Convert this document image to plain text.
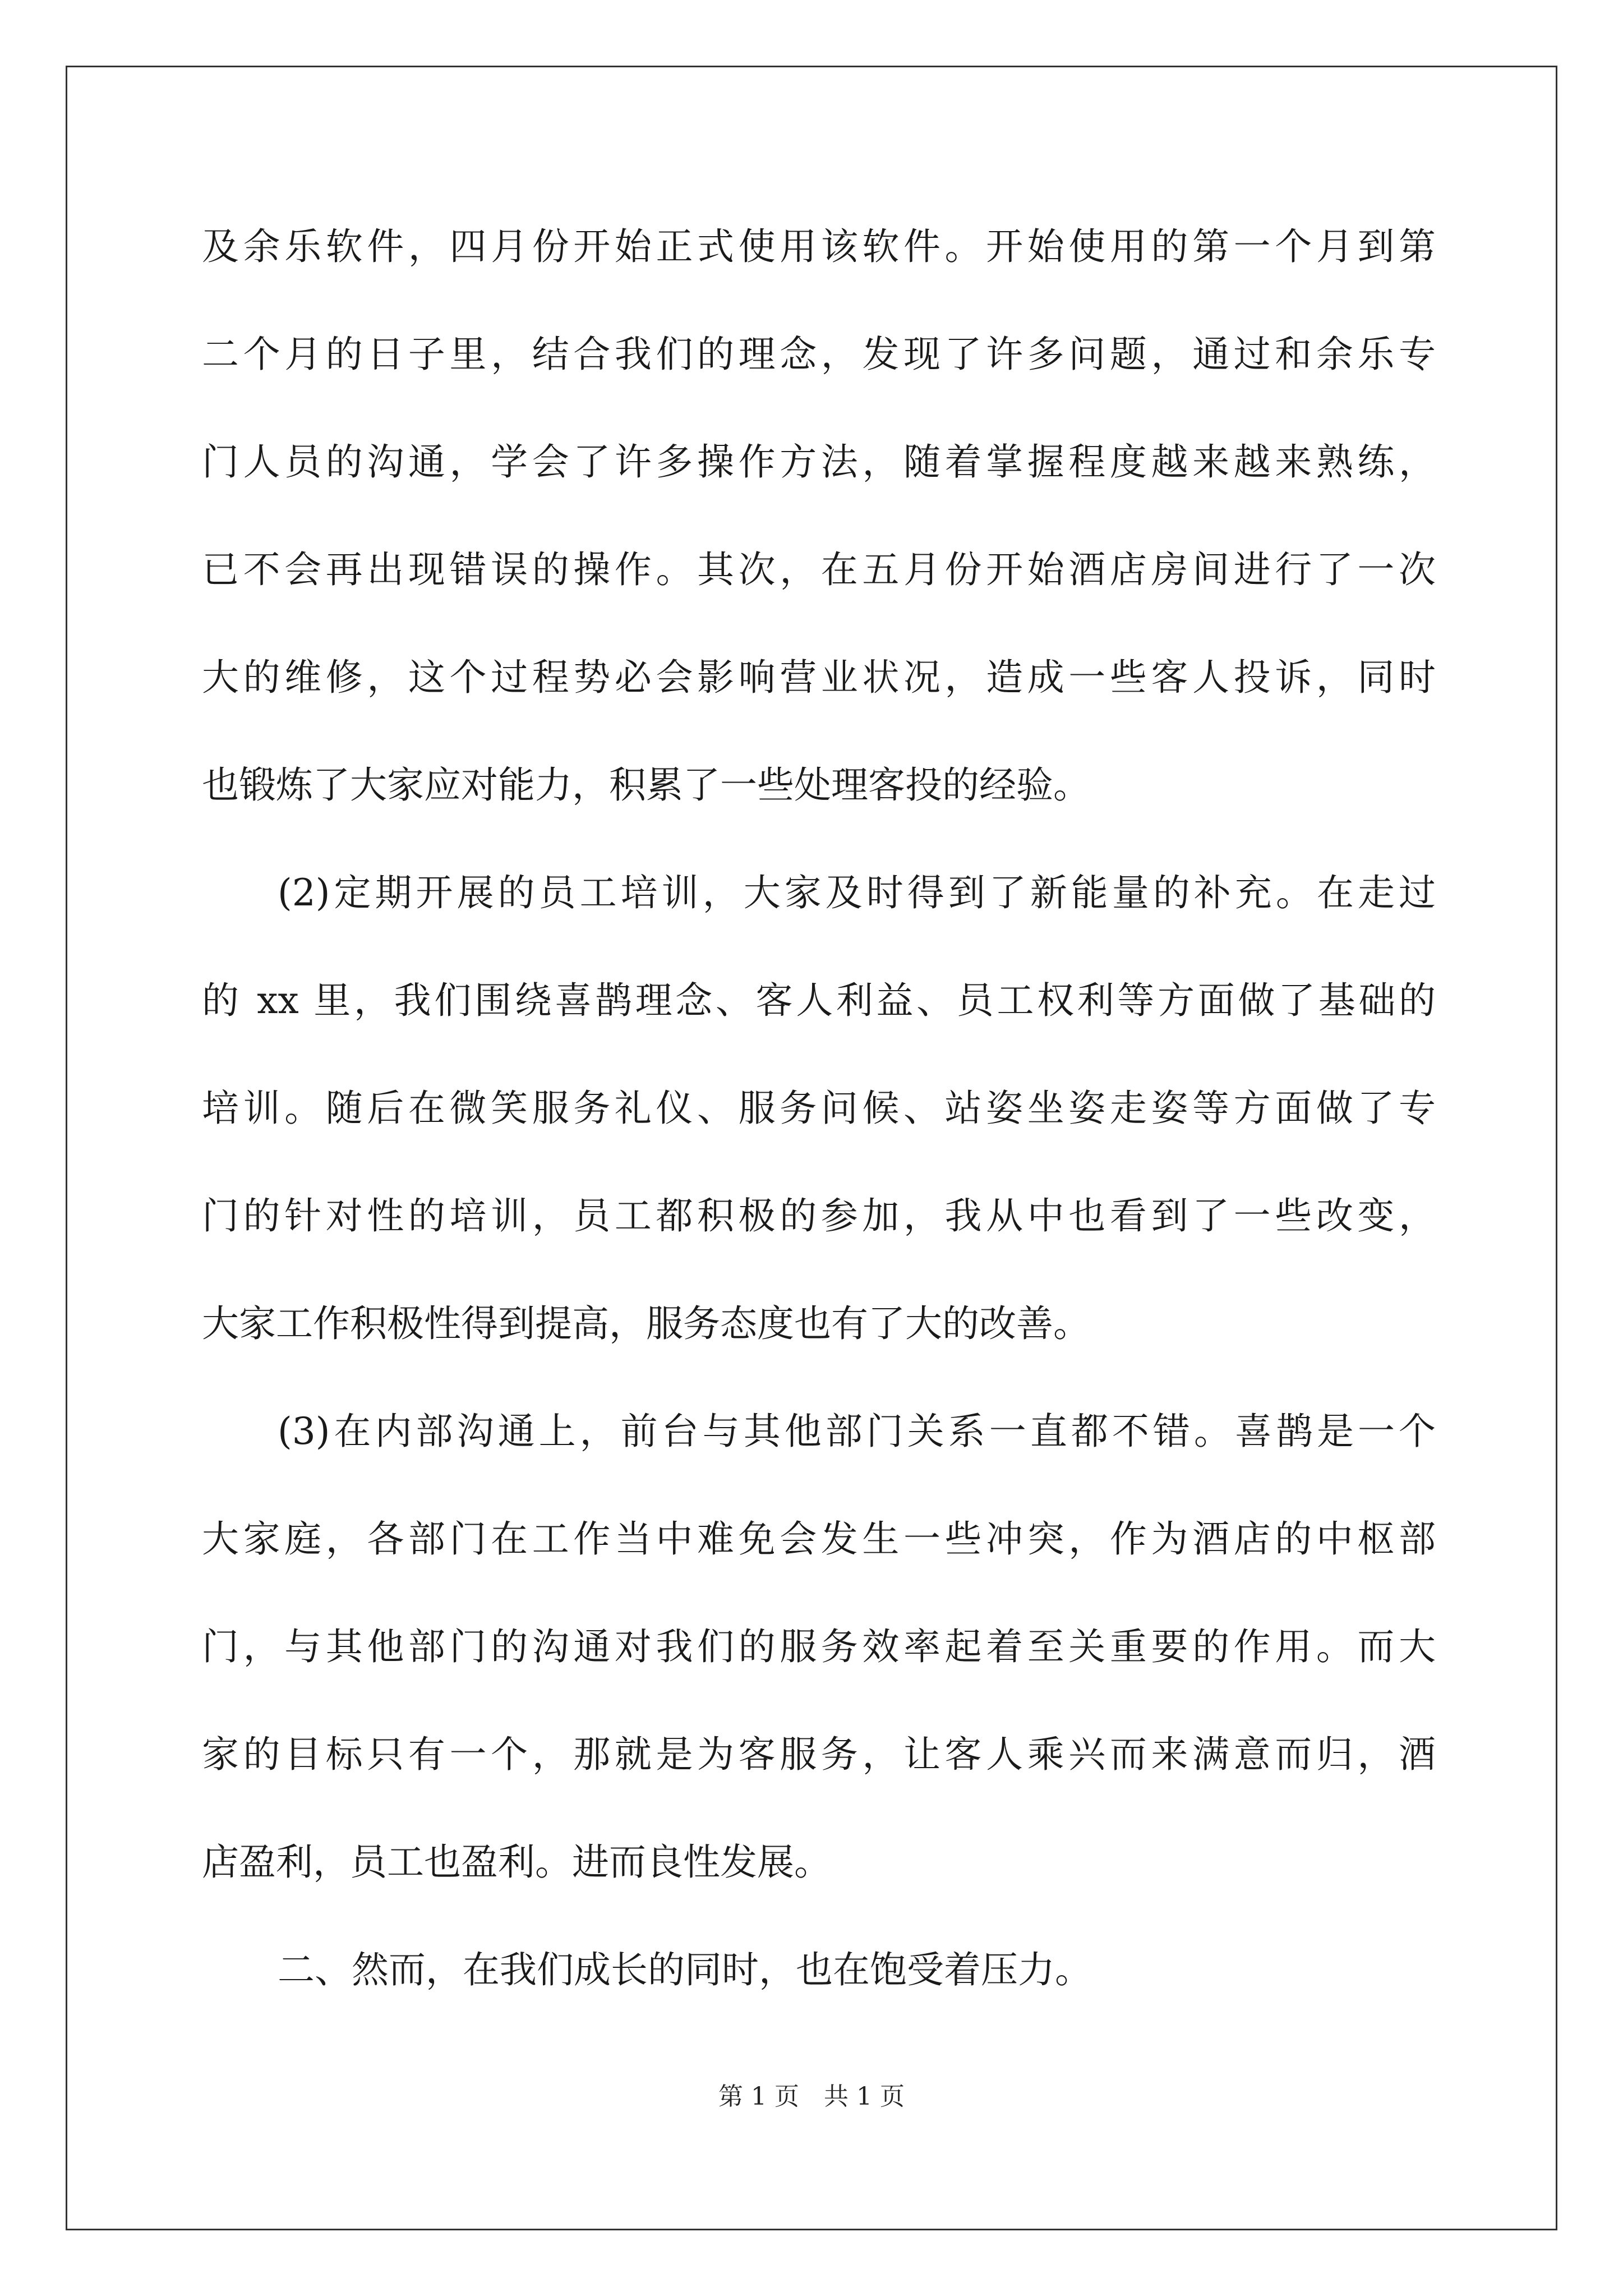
及余乐软件，四月份开始正式使用该软件。开始使用的第一个月到第
二个月的日子里，结合我们的理念，发现了许多问题，通过和余乐专
门人员的沟通，学会了许多操作方法，随着掌握程度越来越来熟练，
已不会再出现错误的操作。其次，在五月份开始酒店房间进行了一次
大的维修，这个过程势必会影响营业状况，造成一些客人投诉，同时
也锻炼了大家应对能力，积累了一些处理客投的经验。
(2)定期开展的员工培训，大家及时得到了新能量的补充。在走过
的 xx 里，我们围绕喜鹊理念、客人利益、员工权利等方面做了基础的
培训。随后在微笑服务礼仪、服务问候、站姿坐姿走姿等方面做了专
门的针对性的培训，员工都积极的参加，我从中也看到了一些改变，
大家工作积极性得到提高，服务态度也有了大的改善。
(3)在内部沟通上，前台与其他部门关系一直都不错。喜鹊是一个
大家庭，各部门在工作当中难免会发生一些冲突，作为酒店的中枢部
门，与其他部门的沟通对我们的服务效率起着至关重要的作用。而大
家的目标只有一个，那就是为客服务，让客人乘兴而来满意而归，酒
店盈利，员工也盈利。进而良性发展。
二、然而，在我们成长的同时，也在饱受着压力。
第 1 页　共 1 页
